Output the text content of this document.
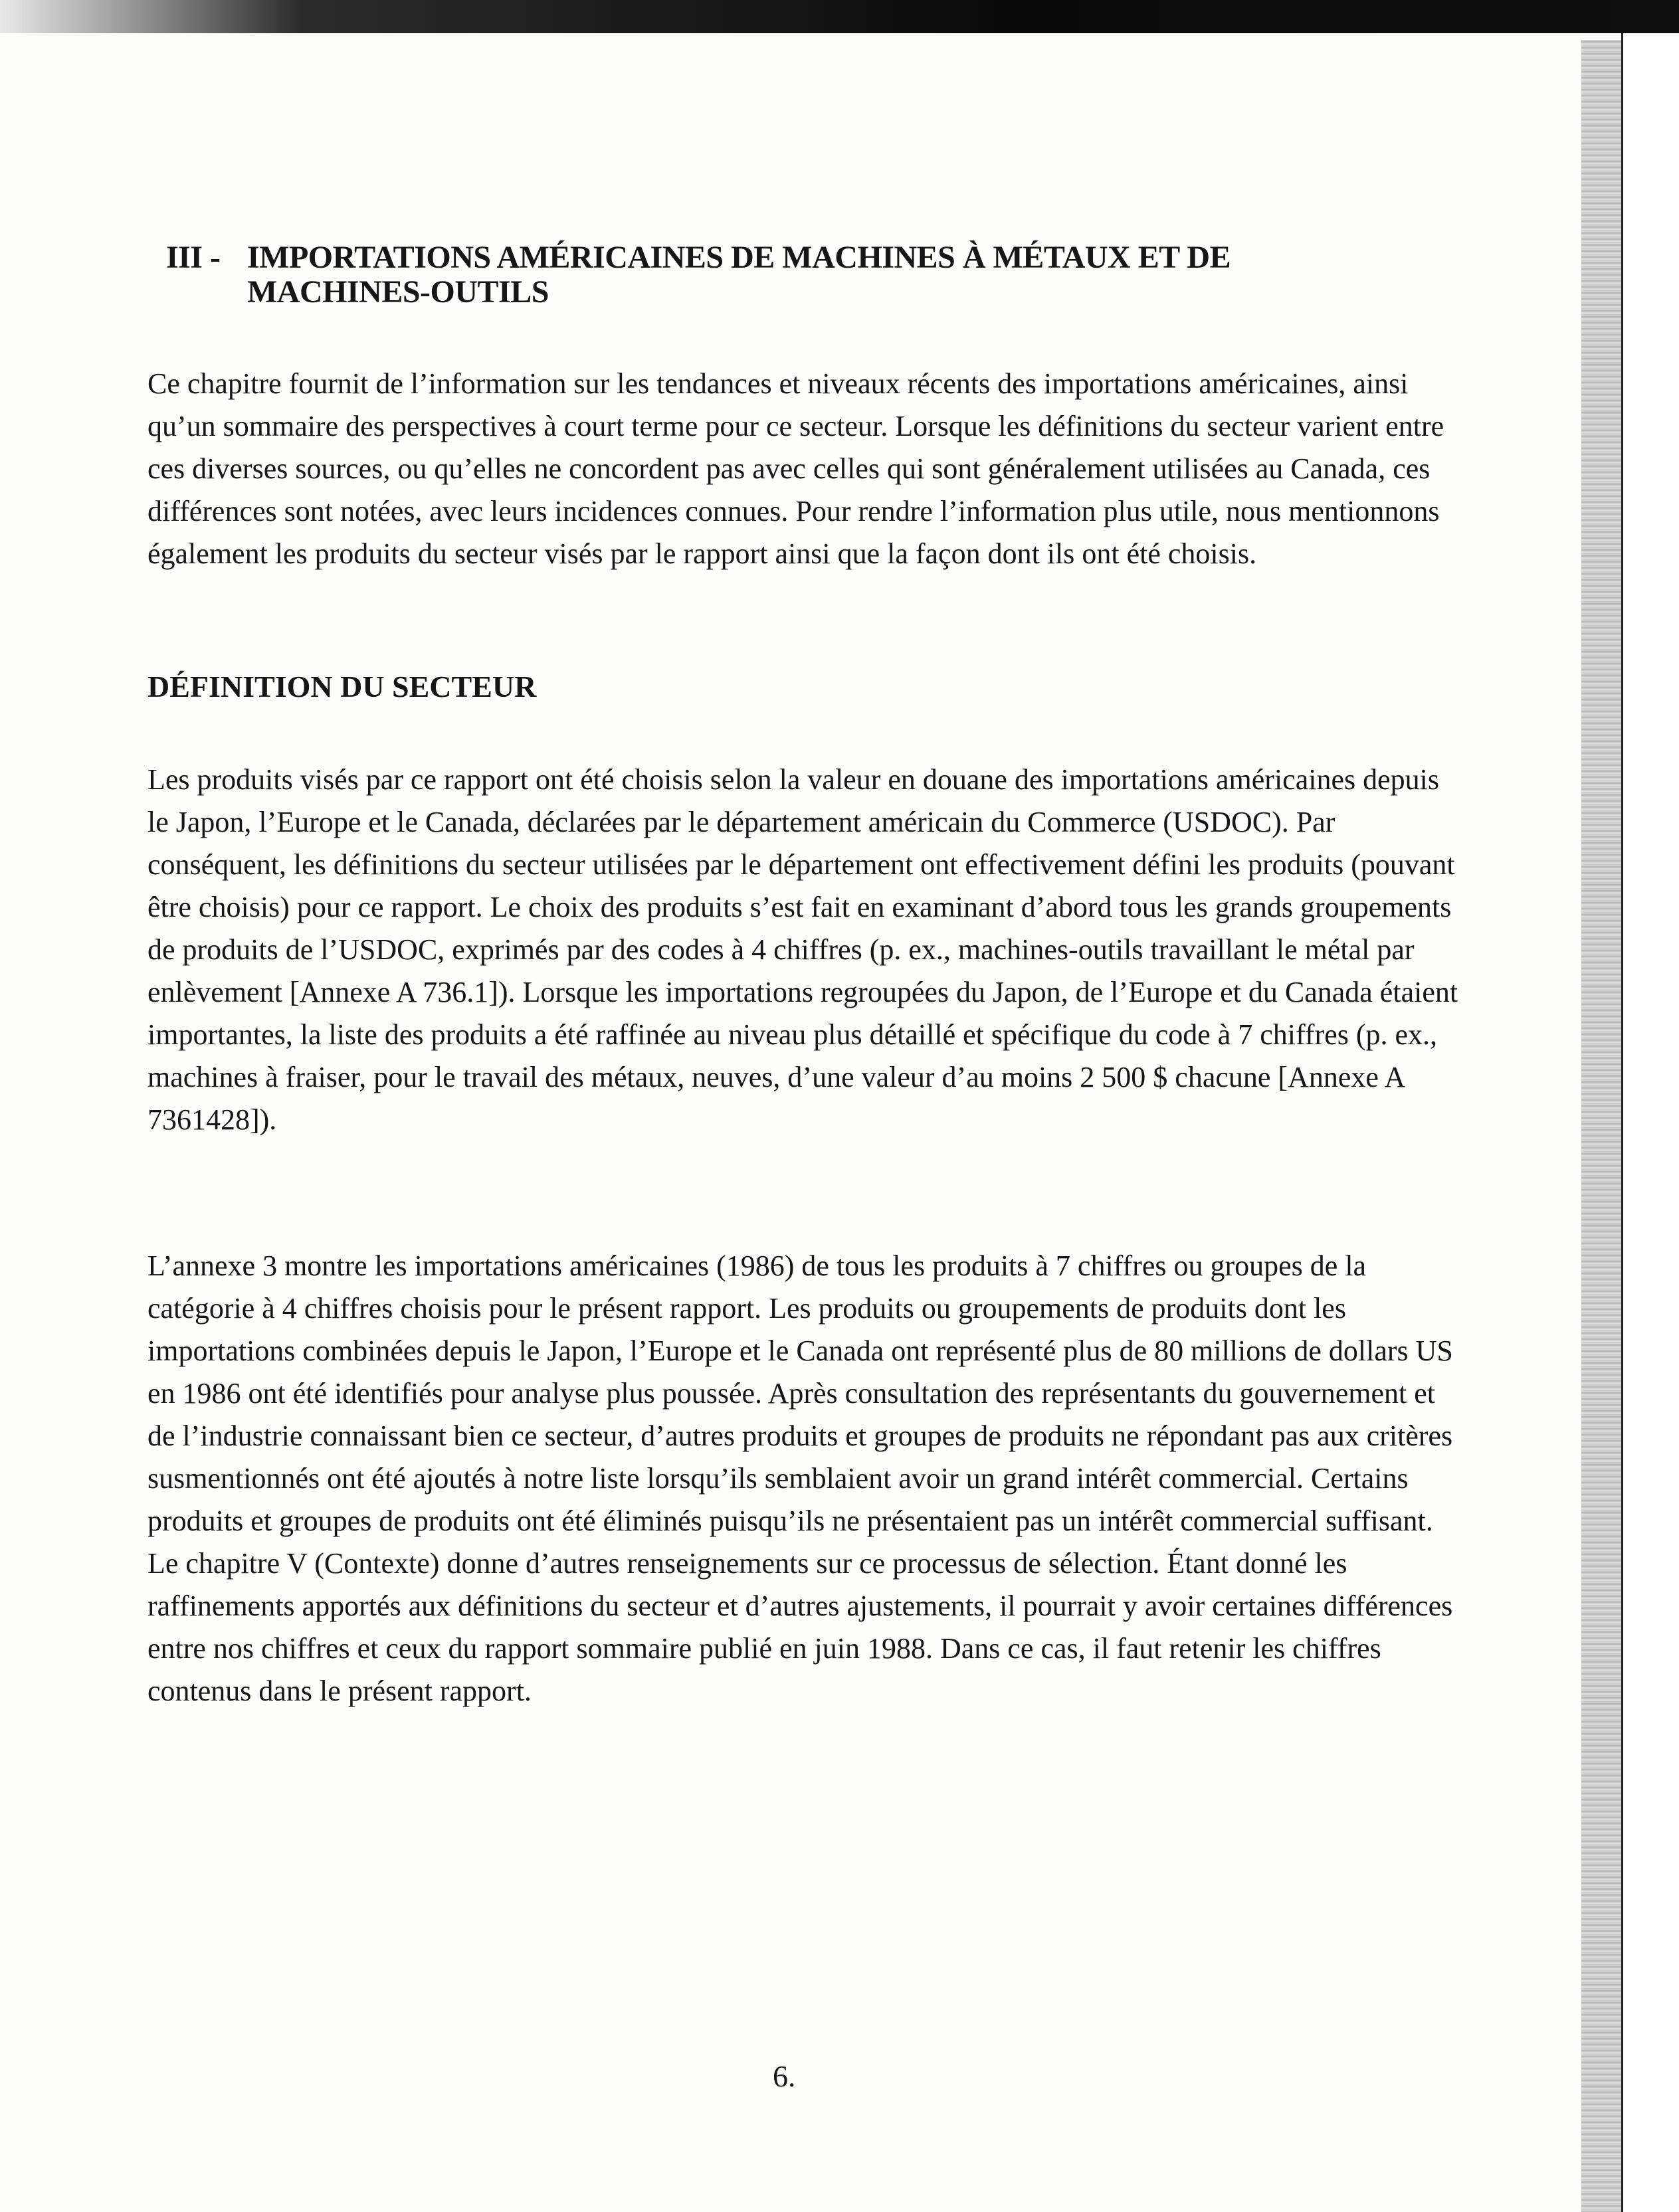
III - IMPORTATIONS AMÉRICAINES DE MACHINES À MÉTAUX ET DE
MACHINES-OUTILS

Ce chapitre fournit de l’information sur les tendances et niveaux récents des importations américaines, ainsi qu’un sommaire des perspectives à court terme pour ce secteur. Lorsque les définitions du secteur varient entre ces diverses sources, ou qu’elles ne concordent pas avec celles qui sont généralement utilisées au Canada, ces différences sont notées, avec leurs incidences connues. Pour rendre l’information plus utile, nous mentionnons également les produits du secteur visés par le rapport ainsi que la façon dont ils ont été choisis.

DÉFINITION DU SECTEUR

Les produits visés par ce rapport ont été choisis selon la valeur en douane des importations américaines depuis le Japon, l’Europe et le Canada, déclarées par le département américain du Commerce (USDOC). Par conséquent, les définitions du secteur utilisées par le département ont effectivement défini les produits (pouvant être choisis) pour ce rapport. Le choix des produits s’est fait en examinant d’abord tous les grands groupements de produits de l’USDOC, exprimés par des codes à 4 chiffres (p. ex., machines-outils travaillant le métal par enlèvement [Annexe A 736.1]). Lorsque les importations regroupées du Japon, de l’Europe et du Canada étaient importantes, la liste des produits a été raffinée au niveau plus détaillé et spécifique du code à 7 chiffres (p. ex., machines à fraiser, pour le travail des métaux, neuves, d’une valeur d’au moins 2 500 $ chacune [Annexe A 7361428]).

L’annexe 3 montre les importations américaines (1986) de tous les produits à 7 chiffres ou groupes de la catégorie à 4 chiffres choisis pour le présent rapport. Les produits ou groupements de produits dont les importations combinées depuis le Japon, l’Europe et le Canada ont représenté plus de 80 millions de dollars US en 1986 ont été identifiés pour analyse plus poussée. Après consultation des représentants du gouvernement et de l’industrie connaissant bien ce secteur, d’autres produits et groupes de produits ne répondant pas aux critères susmentionnés ont été ajoutés à notre liste lorsqu’ils semblaient avoir un grand intérêt commercial. Certains produits et groupes de produits ont été éliminés puisqu’ils ne présentaient pas un intérêt commercial suffisant. Le chapitre V (Contexte) donne d’autres renseignements sur ce processus de sélection. Étant donné les raffinements apportés aux définitions du secteur et d’autres ajustements, il pourrait y avoir certaines différences entre nos chiffres et ceux du rapport sommaire publié en juin 1988. Dans ce cas, il faut retenir les chiffres contenus dans le présent rapport.

6.
